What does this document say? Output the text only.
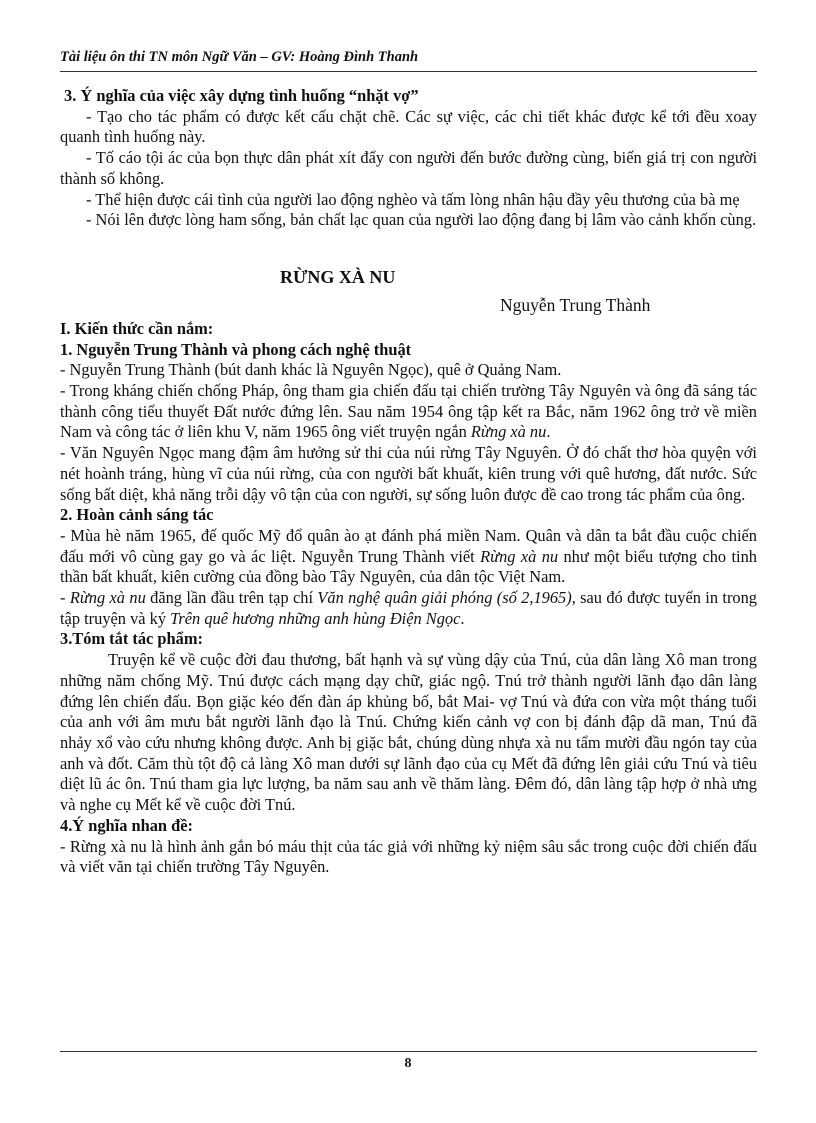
Tài liệu ôn thi TN môn Ngữ Văn – GV: Hoàng Đình Thanh

3. Ý nghĩa của việc xây dựng tình huống “nhặt vợ”

- Tạo cho tác phẩm có được kết cấu chặt chẽ. Các sự việc, các chi tiết khác được kể tới đều xoay quanh tình huống này.

- Tố cáo tội ác của bọn thực dân phát xít đẩy con người đến bước đường cùng, biến giá trị con người thành số không.

- Thể hiện được cái tình của người lao động nghèo và tấm lòng nhân hậu đầy yêu thương của bà mẹ

- Nói lên được lòng ham sống, bản chất lạc quan của người lao động đang bị lâm vào cảnh khốn cùng.

RỪNG XÀ NU

Nguyễn Trung Thành

I. Kiến thức cần nắm:

1. Nguyễn Trung Thành và phong cách nghệ thuật

- Nguyễn Trung Thành (bút danh khác là Nguyên Ngọc), quê ở Quảng Nam.

- Trong kháng chiến chống Pháp, ông tham gia chiến đấu tại chiến trường Tây Nguyên và ông đã sáng tác thành công tiểu thuyết Đất nước đứng lên. Sau năm 1954 ông tập kết ra Bắc, năm 1962 ông trở về miền Nam và công tác ở liên khu V, năm 1965 ông viết truyện ngắn Rừng xà nu.

- Văn Nguyên Ngọc mang đậm âm hưởng sử thi của núi rừng Tây Nguyên. Ở đó chất thơ hòa quyện với nét hoành tráng, hùng vĩ của núi rừng, của con người bất khuất, kiên trung với quê hương, đất nước. Sức sống bất diệt, khả năng trỗi dậy vô tận của con người, sự sống luôn được đề cao trong tác phẩm của ông.

2. Hoàn cảnh sáng tác

- Mùa hè năm 1965, đế quốc Mỹ đổ quân ào ạt đánh phá miền Nam. Quân và dân ta bắt đầu cuộc chiến đấu mới vô cùng gay go và ác liệt. Nguyễn Trung Thành viết Rừng xà nu như một biểu tượng cho tinh thần bất khuất, kiên cường của đồng bào Tây Nguyên, của dân tộc Việt Nam.

- Rừng xà nu đăng lần đầu trên tạp chí Văn nghệ quân giải phóng (số 2,1965), sau đó được tuyển in trong tập truyện và ký Trên quê hương những anh hùng Điện Ngọc.

3.Tóm tắt tác phẩm:

Truyện kể về cuộc đời đau thương, bất hạnh và sự vùng dậy của Tnú, của dân làng Xô man trong những năm chống Mỹ. Tnú được cách mạng dạy chữ, giác ngộ. Tnú trở thành người lãnh đạo dân làng đứng lên chiến đấu. Bọn giặc kéo đến đàn áp khủng bố, bắt Mai- vợ Tnú và đứa con vừa một tháng tuổi của anh với âm mưu bắt người lãnh đạo là Tnú. Chứng kiến cảnh vợ con bị đánh đập dã man, Tnú đã nhảy xổ vào cứu nhưng không được. Anh bị giặc bắt, chúng dùng nhựa xà nu tẩm mười đầu ngón tay của anh và đốt. Căm thù tột độ cả làng Xô man dưới sự lãnh đạo của cụ Mết đã đứng lên giải cứu Tnú và tiêu diệt lũ ác ôn. Tnú tham gia lực lượng, ba năm sau anh về thăm làng. Đêm đó, dân làng tập hợp ở nhà ưng và nghe cụ Mết kể về cuộc đời Tnú.

4.Ý nghĩa nhan đề:

- Rừng xà nu là hình ảnh gắn bó máu thịt của tác giả với những kỷ niệm sâu sắc trong cuộc đời chiến đấu và viết văn tại chiến trường Tây Nguyên.

8
